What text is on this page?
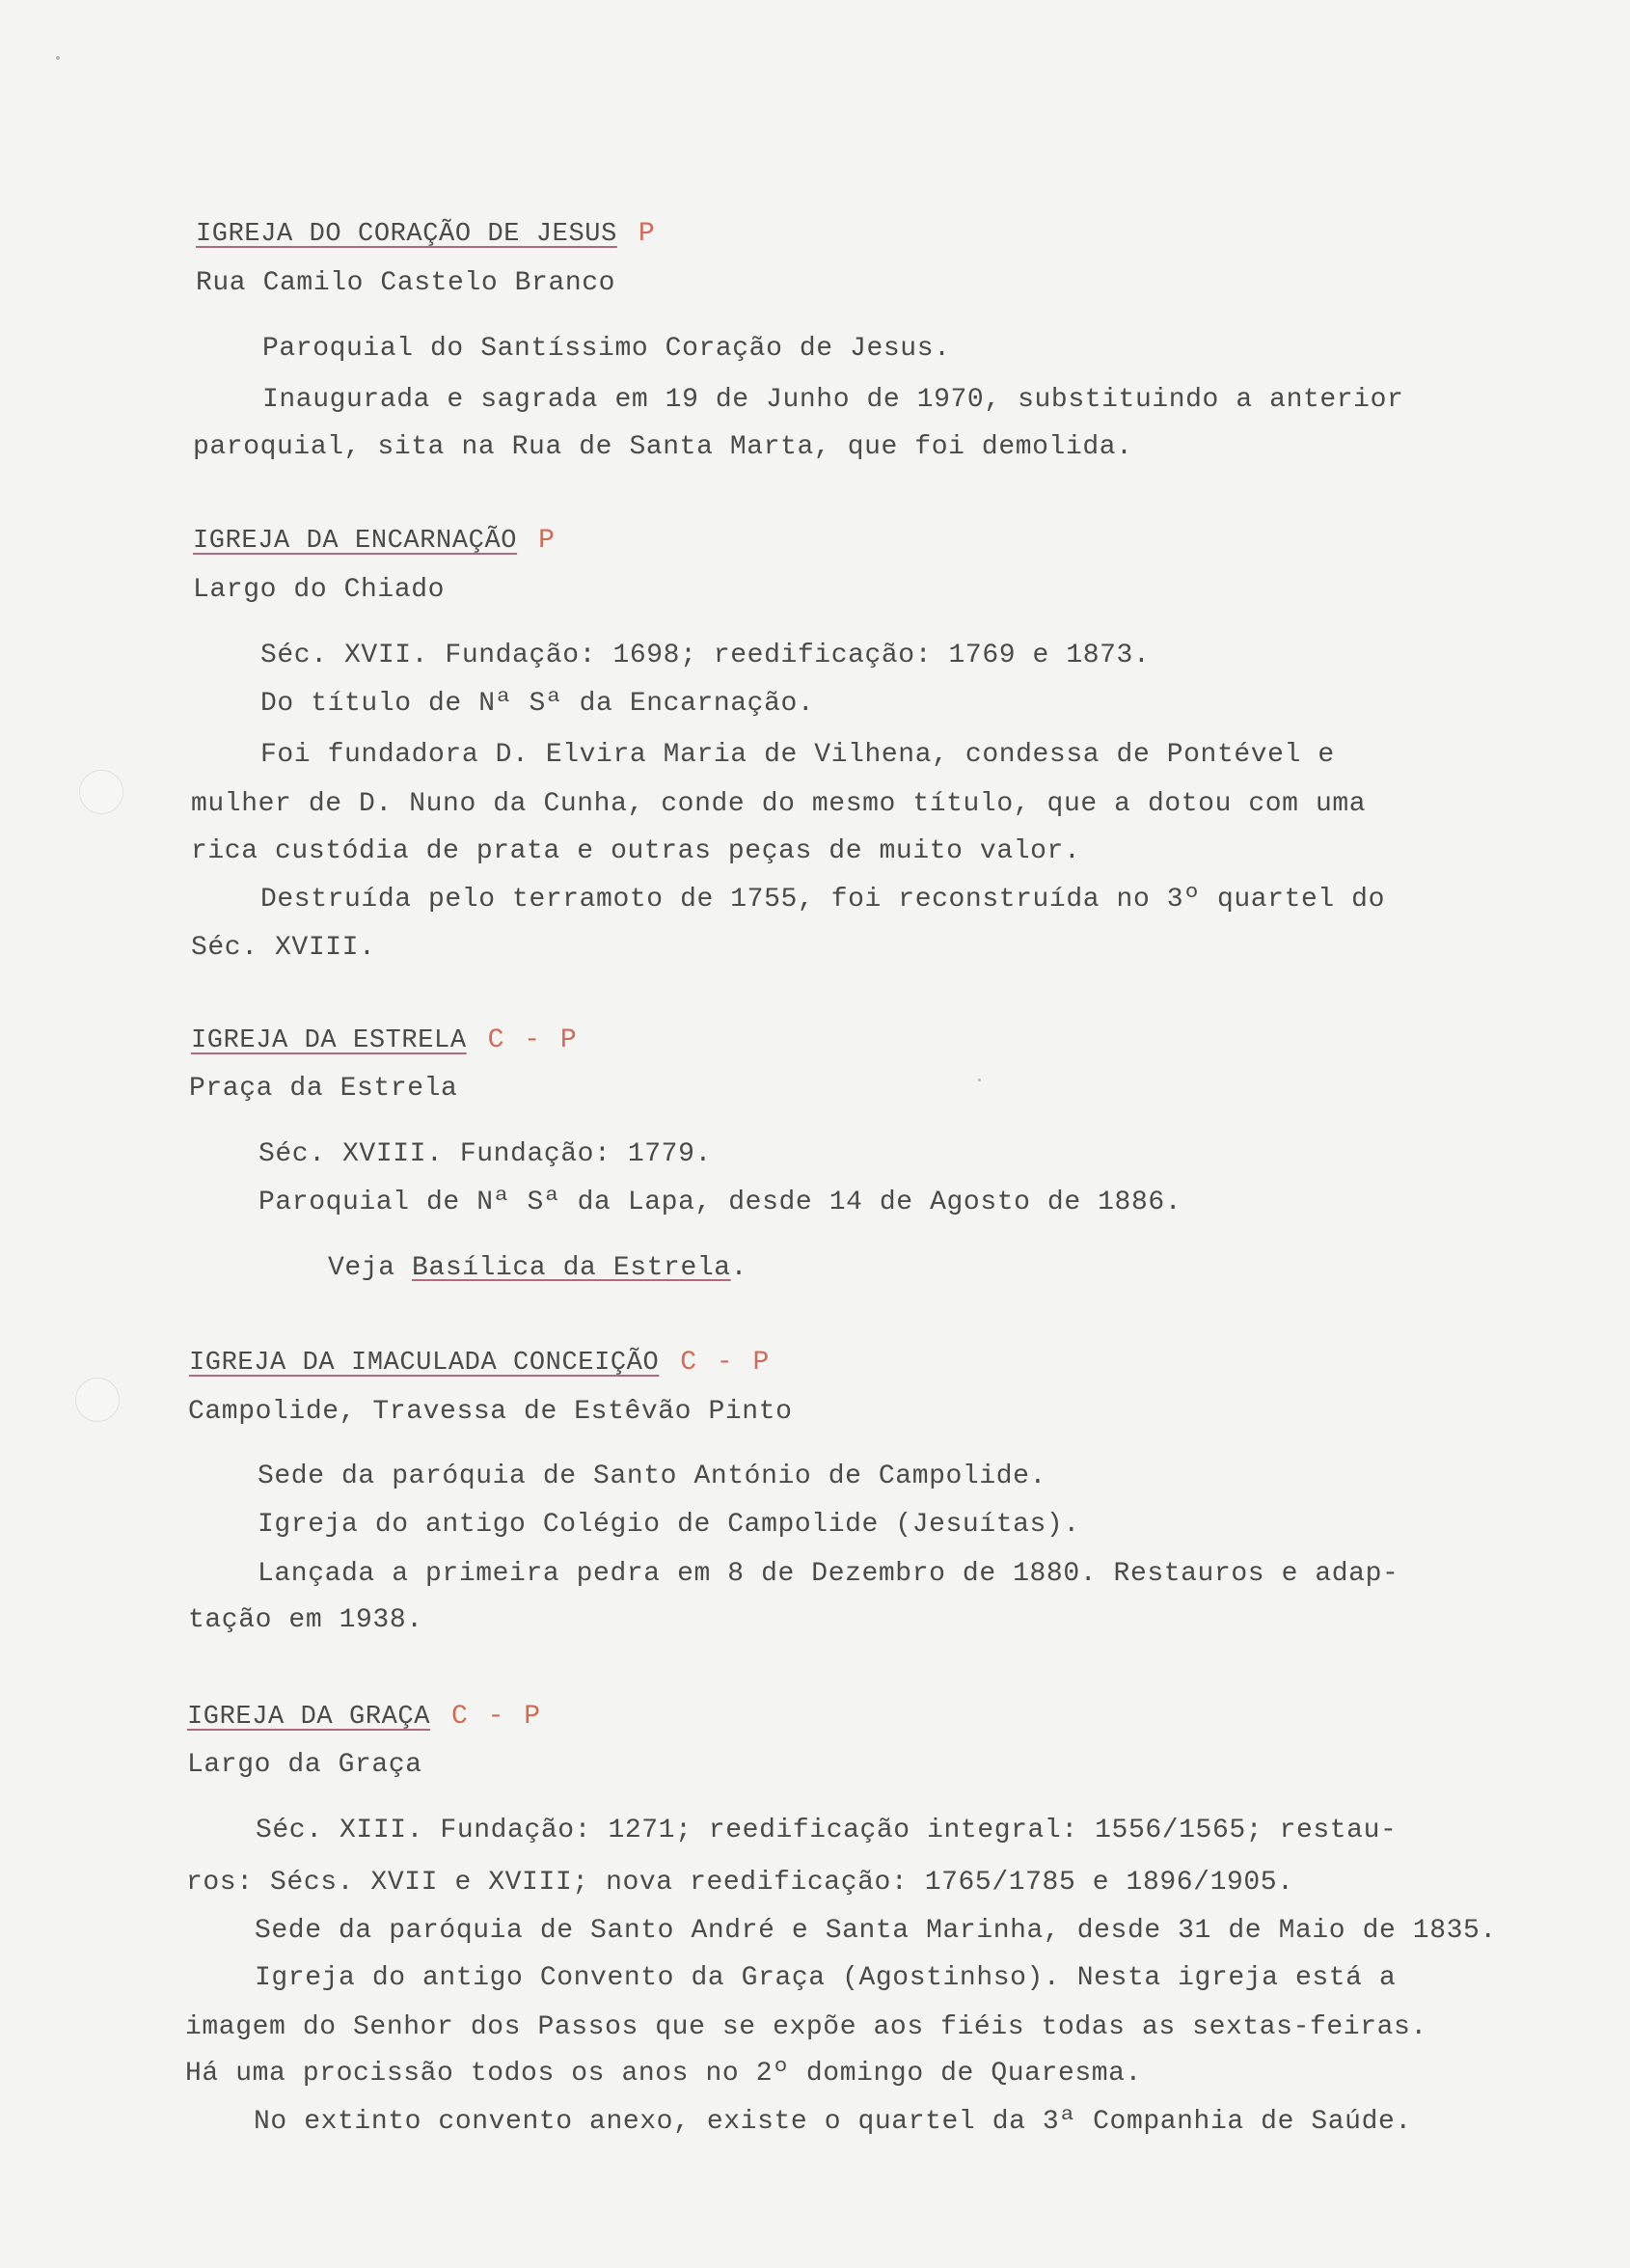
IGREJA DO CORAÇÃO DE JESUS P
Rua Camilo Castelo Branco
Paroquial do Santíssimo Coração de Jesus.
Inaugurada e sagrada em 19 de Junho de 1970, substituindo a anterior
paroquial, sita na Rua de Santa Marta, que foi demolida.
IGREJA DA ENCARNAÇÃO P
Largo do Chiado
Séc. XVII. Fundação: 1698; reedificação: 1769 e 1873.
Do título de Nª Sª da Encarnação.
Foi fundadora D. Elvira Maria de Vilhena, condessa de Pontével e
mulher de D. Nuno da Cunha, conde do mesmo título, que a dotou com uma
rica custódia de prata e outras peças de muito valor.
Destruída pelo terramoto de 1755, foi reconstruída no 3º quartel do
Séc. XVIII.
IGREJA DA ESTRELA C - P
Praça da Estrela
Séc. XVIII. Fundação: 1779.
Paroquial de Nª Sª da Lapa, desde 14 de Agosto de 1886.
Veja Basílica da Estrela.
IGREJA DA IMACULADA CONCEIÇÃO C - P
Campolide, Travessa de Estêvão Pinto
Sede da paróquia de Santo António de Campolide.
Igreja do antigo Colégio de Campolide (Jesuítas).
Lançada a primeira pedra em 8 de Dezembro de 1880. Restauros e adap-
tação em 1938.
IGREJA DA GRAÇA C - P
Largo da Graça
Séc. XIII. Fundação: 1271; reedificação integral: 1556/1565; restau-
ros: Sécs. XVII e XVIII; nova reedificação: 1765/1785 e 1896/1905.
Sede da paróquia de Santo André e Santa Marinha, desde 31 de Maio de 1835.
Igreja do antigo Convento da Graça (Agostinhso). Nesta igreja está a
imagem do Senhor dos Passos que se expõe aos fiéis todas as sextas-feiras.
Há uma procissão todos os anos no 2º domingo de Quaresma.
No extinto convento anexo, existe o quartel da 3ª Companhia de Saúde.
